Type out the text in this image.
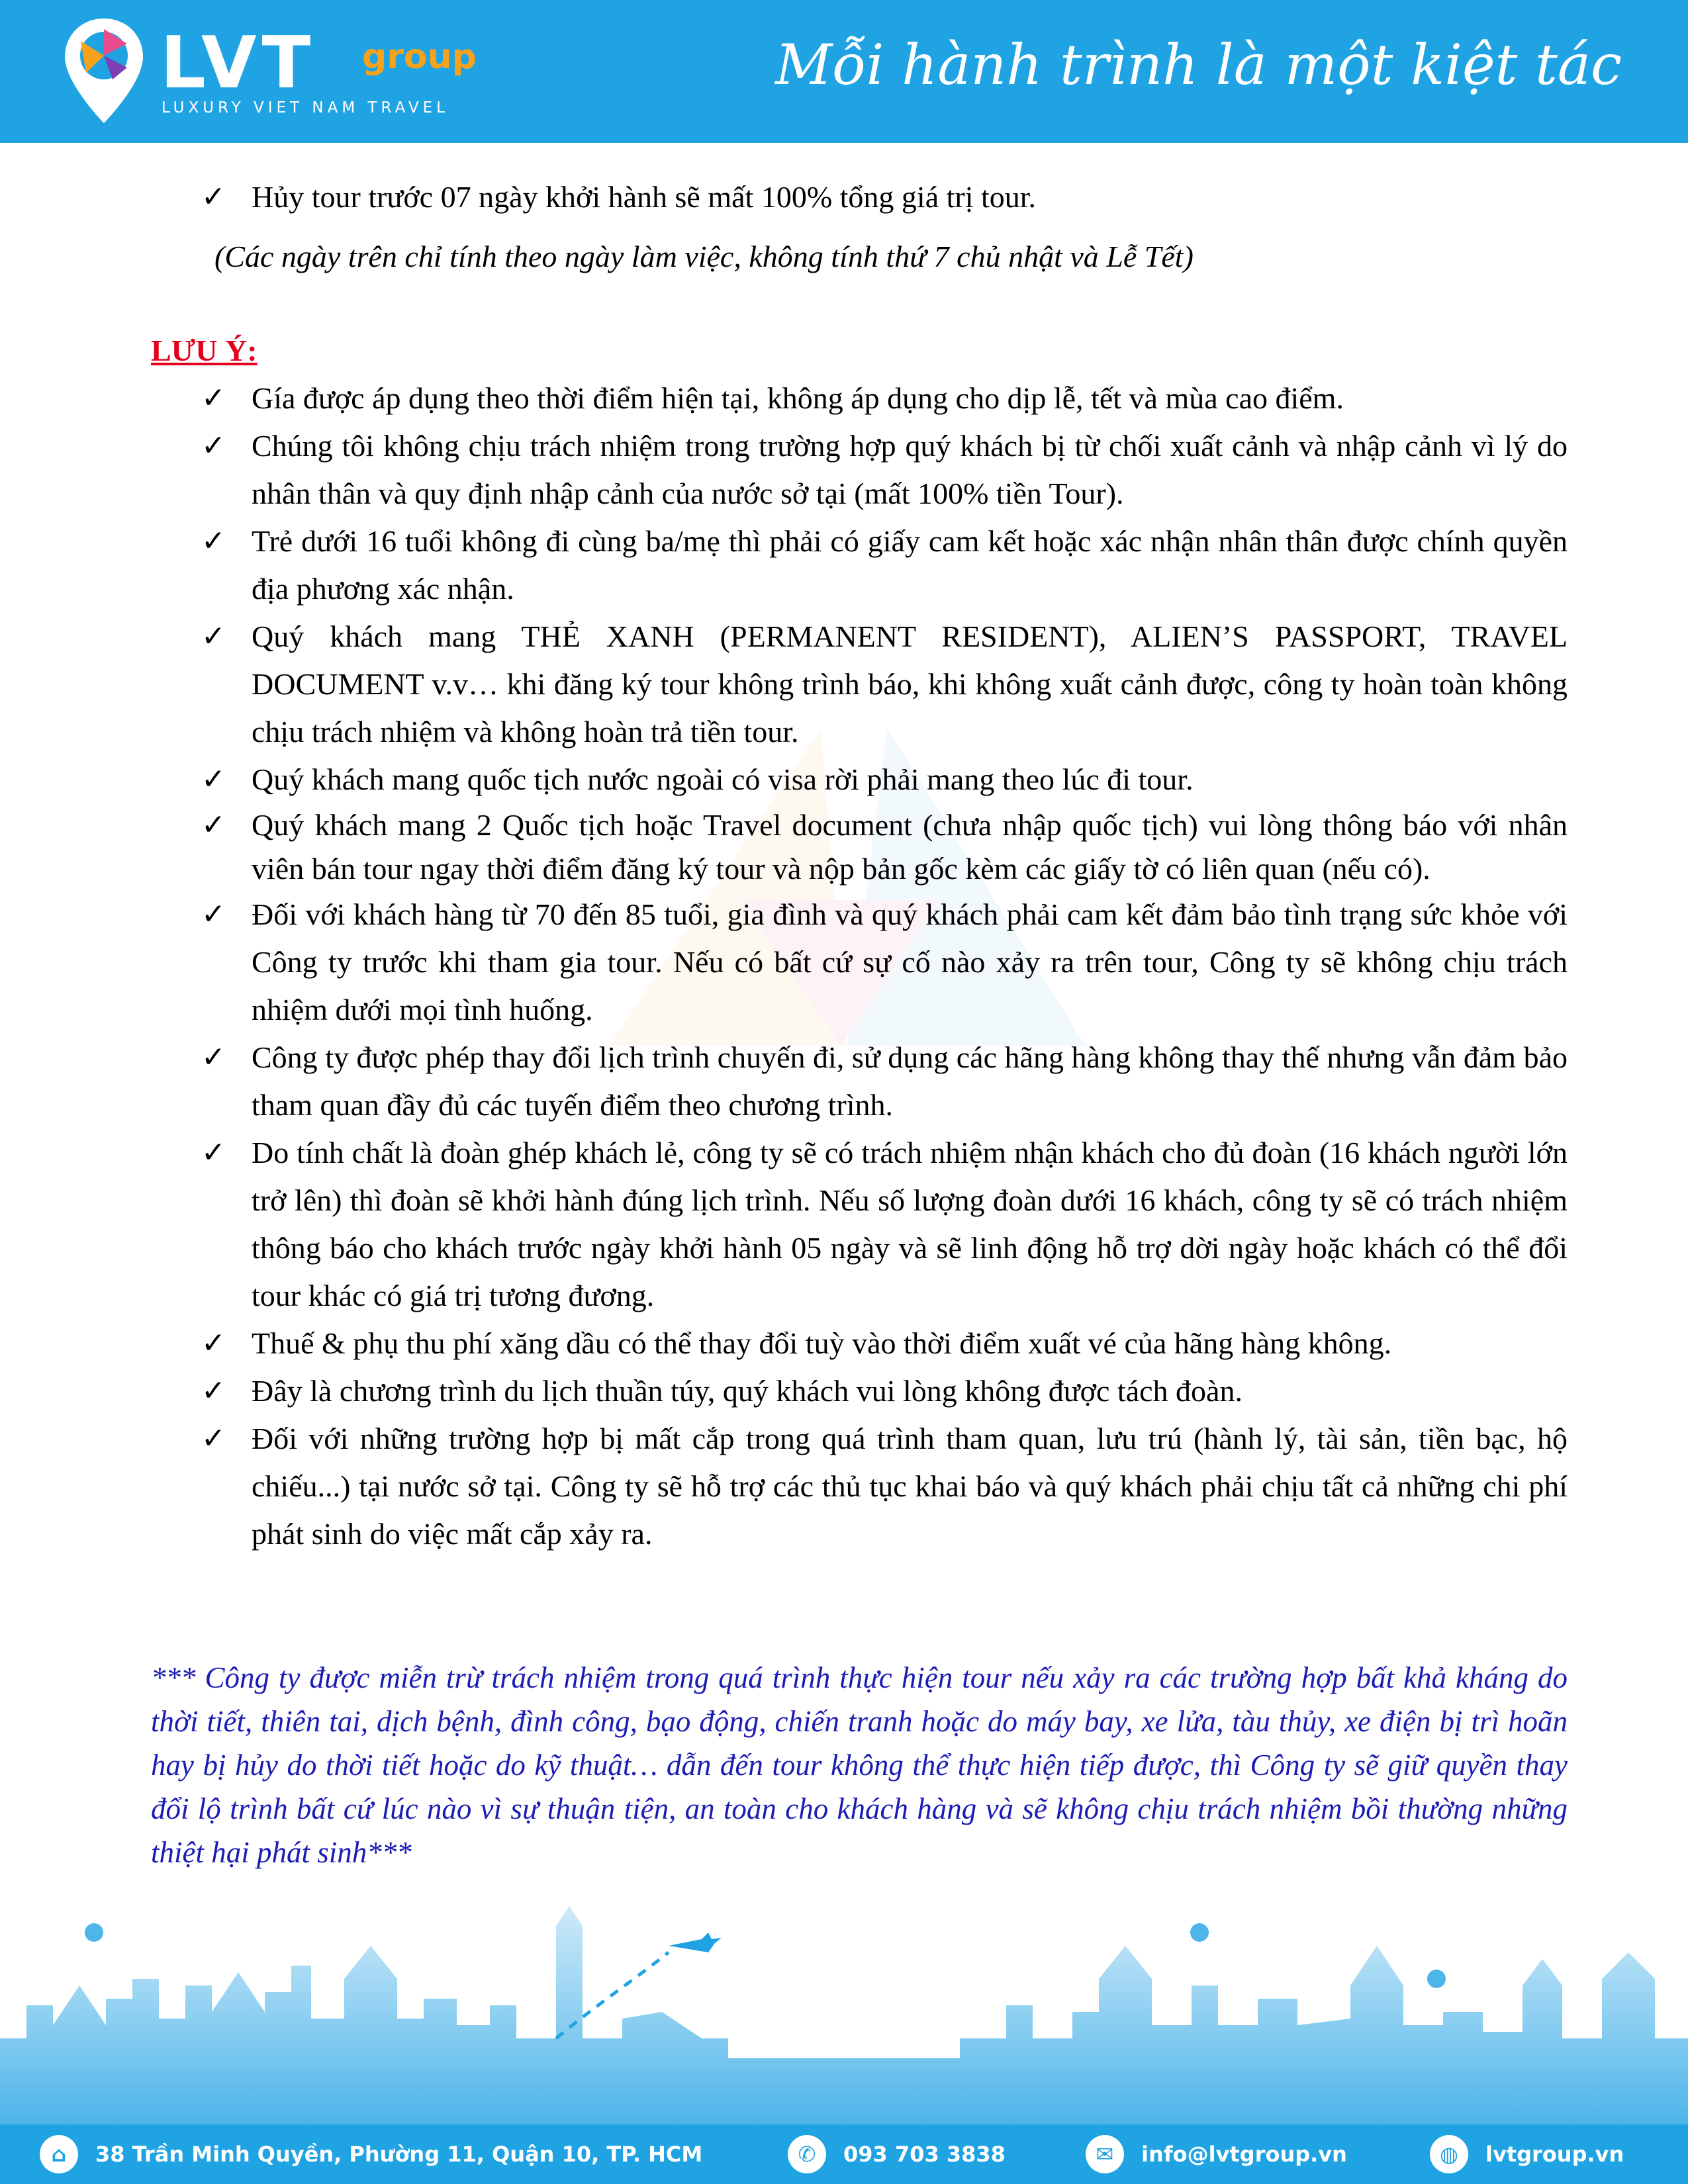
LVT group
LUXURY VIET NAM TRAVEL
Mỗi hành trình là một kiệt tác
✓ Hủy tour trước 07 ngày khởi hành sẽ mất 100% tổng giá trị tour.
(Các ngày trên chỉ tính theo ngày làm việc, không tính thứ 7 chủ nhật và Lễ Tết)
LƯU Ý:
✓ Gía được áp dụng theo thời điểm hiện tại, không áp dụng cho dịp lễ, tết và mùa cao điểm.
✓ Chúng tôi không chịu trách nhiệm trong trường hợp quý khách bị từ chối xuất cảnh và nhập cảnh vì lý do nhân thân và quy định nhập cảnh của nước sở tại (mất 100% tiền Tour).
✓ Trẻ dưới 16 tuổi không đi cùng ba/mẹ thì phải có giấy cam kết hoặc xác nhận nhân thân được chính quyền địa phương xác nhận.
✓ Quý khách mang THẺ XANH (PERMANENT RESIDENT), ALIEN’S PASSPORT, TRAVEL DOCUMENT v.v… khi đăng ký tour không trình báo, khi không xuất cảnh được, công ty hoàn toàn không chịu trách nhiệm và không hoàn trả tiền tour.
✓ Quý khách mang quốc tịch nước ngoài có visa rời phải mang theo lúc đi tour.
✓ Quý khách mang 2 Quốc tịch hoặc Travel document (chưa nhập quốc tịch) vui lòng thông báo với nhân viên bán tour ngay thời điểm đăng ký tour và nộp bản gốc kèm các giấy tờ có liên quan (nếu có).
✓ Đối với khách hàng từ 70 đến 85 tuổi, gia đình và quý khách phải cam kết đảm bảo tình trạng sức khỏe với Công ty trước khi tham gia tour. Nếu có bất cứ sự cố nào xảy ra trên tour, Công ty sẽ không chịu trách nhiệm dưới mọi tình huống.
✓ Công ty được phép thay đổi lịch trình chuyến đi, sử dụng các hãng hàng không thay thế nhưng vẫn đảm bảo tham quan đầy đủ các tuyến điểm theo chương trình.
✓ Do tính chất là đoàn ghép khách lẻ, công ty sẽ có trách nhiệm nhận khách cho đủ đoàn (16 khách người lớn trở lên) thì đoàn sẽ khởi hành đúng lịch trình. Nếu số lượng đoàn dưới 16 khách, công ty sẽ có trách nhiệm thông báo cho khách trước ngày khởi hành 05 ngày và sẽ linh động hỗ trợ dời ngày hoặc khách có thể đổi tour khác có giá trị tương đương.
✓ Thuế & phụ thu phí xăng dầu có thể thay đổi tuỳ vào thời điểm xuất vé của hãng hàng không.
✓ Đây là chương trình du lịch thuần túy, quý khách vui lòng không được tách đoàn.
✓ Đối với những trường hợp bị mất cắp trong quá trình tham quan, lưu trú (hành lý, tài sản, tiền bạc, hộ chiếu...) tại nước sở tại. Công ty sẽ hỗ trợ các thủ tục khai báo và quý khách phải chịu tất cả những chi phí phát sinh do việc mất cắp xảy ra.
*** Công ty được miễn trừ trách nhiệm trong quá trình thực hiện tour nếu xảy ra các trường hợp bất khả kháng do thời tiết, thiên tai, dịch bệnh, đình công, bạo động, chiến tranh hoặc do máy bay, xe lửa, tàu thủy, xe điện bị trì hoãn hay bị hủy do thời tiết hoặc do kỹ thuật… dẫn đến tour không thể thực hiện tiếp được, thì Công ty sẽ giữ quyền thay đổi lộ trình bất cứ lúc nào vì sự thuận tiện, an toàn cho khách hàng và sẽ không chịu trách nhiệm bồi thường những thiệt hại phát sinh***
⌂	38 Trần Minh Quyền, Phường 11, Quận 10, TP. HCM	✆	093 703 3838	✉	info@lvtgroup.vn	◍	lvtgroup.vn
